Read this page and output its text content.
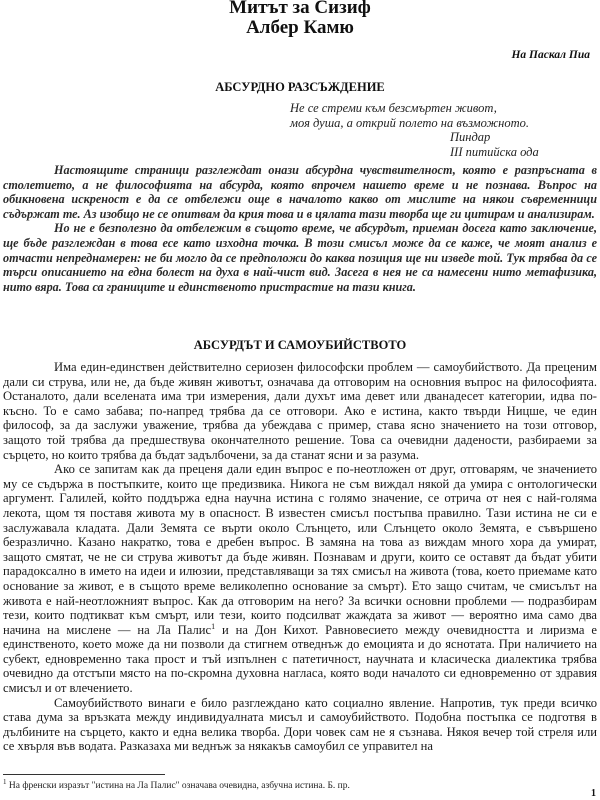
Митът за Сизиф
Албер Камю
На Паскал Пиа
АБСУРДНО РАЗСЪЖДЕНИЕ
Не се стреми към безсмъртен живот,
моя душа, а открий полето на възможното.
Пиндар
III питийска ода

Настоящите страници разглеждат онази абсурдна чувствителност, която е разпръсната в столетието, а не философията на абсурда, която впрочем нашето време и не познава. Въпрос на обикновена искреност е да се отбележи още в началото какво от мислите на някои съвременници съдържат те. Аз изобщо не се опитвам да крия това и в цялата тази творба ще ги цитирам и анализирам.

Но не е безполезно да отбележим в същото време, че абсурдът, приеман досега като заключение, ще бъде разглеждан в това есе като изходна точка. В този смисъл може да се каже, че моят анализ е отчасти непреднамерен: не би могло да се предположи до каква позиция ще ни изведе той. Тук трябва да се търси описанието на една болест на духа в най-чист вид. Засега в нея не са намесени нито метафизика, нито вяра. Това са границите и единственото пристрастие на тази книга.

АБСУРДЪТ И САМОУБИЙСТВОТО

Има един-единствен действително сериозен философски проблем — самоубийството. Да преценим дали си струва, или не, да бъде живян животът, означава да отговорим на основния въпрос на философията. Останалото, дали вселената има три измерения, дали духът има девет или дванадесет категории, идва по-късно. То е само забава; по-напред трябва да се отговори. Ако е истина, както твърди Ницше, че един философ, за да заслужи уважение, трябва да убеждава с пример, става ясно значението на този отговор, защото той трябва да предшествува окончателното решение. Това са очевидни дадености, разбираеми за сърцето, но които трябва да бъдат задълбочени, за да станат ясни и за разума.

Ако се запитам как да преценя дали един въпрос е по-неотложен от друг, отговарям, че значението му се съдържа в постъпките, които ще предизвика. Никога не съм виждал някой да умира с онтологически аргумент. Галилей, който поддържа една научна истина с голямо значение, се отрича от нея с най-голяма лекота, щом тя поставя живота му в опасност. В известен смисъл постъпва правилно. Тази истина не си е заслужавала кладата. Дали Земята се върти около Слънцето, или Слънцето около Земята, е съвършено безразлично. Казано накратко, това е дребен въпрос. В замяна на това аз виждам много хора да умират, защото смятат, че не си струва животът да бъде живян. Познавам и други, които се оставят да бъдат убити парадоксално в името на идеи и илюзии, представляващи за тях смисъл на живота (това, което приемаме като основание за живот, е в същото време великолепно основание за смърт). Ето защо считам, че смисълът на живота е най-неотложният въпрос. Как да отговорим на него? За всички основни проблеми — подразбирам тези, които подтикват към смърт, или тези, които подсилват жаждата за живот — вероятно има само два начина на мислене — на Ла Палис$^1$ и на Дон Кихот. Равновесието между очевидността и лиризма е единственото, което може да ни позволи да стигнем отведнъж до емоцията и до яснотата. При наличието на субект, едновременно така прост и тъй изпълнен с патетичност, научната и класическа диалектика трябва очевидно да отстъпи място на по-скромна духовна нагласа, която води началото си едновременно от здравия смисъл и от влечението.

Самоубийството винаги е било разглеждано като социално явление. Напротив, тук преди всичко става дума за връзката между индивидуалната мисъл и самоубийството. Подобна постъпка се подготвя в дълбините на сърцето, както и една велика творба. Дори човек сам не я съзнава. Някоя вечер той стреля или се хвърля във водата. Разказаха ми веднъж за някакъв самоубил се управител на

$^1$ На френски изразът "истина на Ла Палис" означава очевидна, азбучна истина. Б. пр.
1
